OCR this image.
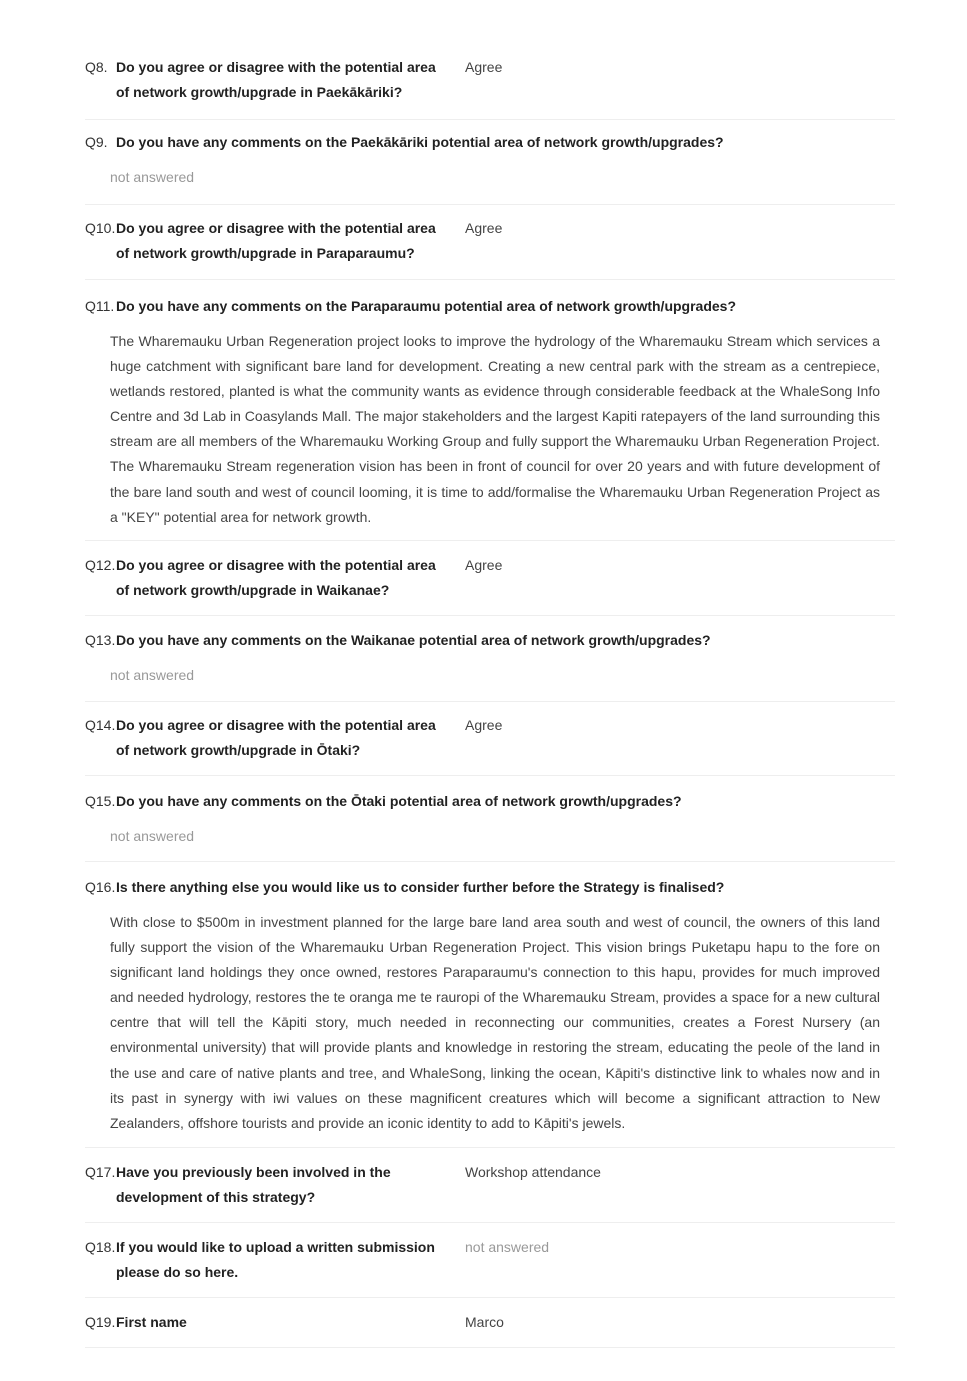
Q8. Do you agree or disagree with the potential area of network growth/upgrade in Paekākāriki?
Agree
Q9. Do you have any comments on the Paekākāriki potential area of network growth/upgrades?
not answered
Q10. Do you agree or disagree with the potential area of network growth/upgrade in Paraparaumu?
Agree
Q11. Do you have any comments on the Paraparaumu potential area of network growth/upgrades?
The Wharemauku Urban Regeneration project looks to improve the hydrology of the Wharemauku Stream which services a huge catchment with significant bare land for development. Creating a new central park with the stream as a centrepiece, wetlands restored, planted is what the community wants as evidence through considerable feedback at the WhaleSong Info Centre and 3d Lab in Coasylands Mall. The major stakeholders and the largest Kapiti ratepayers of the land surrounding this stream are all members of the Wharemauku Working Group and fully support the Wharemauku Urban Regeneration Project. The Wharemauku Stream regeneration vision has been in front of council for over 20 years and with future development of the bare land south and west of council looming, it is time to add/formalise the Wharemauku Urban Regeneration Project as a "KEY" potential area for network growth.
Q12. Do you agree or disagree with the potential area of network growth/upgrade in Waikanae?
Agree
Q13. Do you have any comments on the Waikanae potential area of network growth/upgrades?
not answered
Q14. Do you agree or disagree with the potential area of network growth/upgrade in Ōtaki?
Agree
Q15. Do you have any comments on the Ōtaki potential area of network growth/upgrades?
not answered
Q16. Is there anything else you would like us to consider further before the Strategy is finalised?
With close to $500m in investment planned for the large bare land area south and west of council, the owners of this land fully support the vision of the Wharemauku Urban Regeneration Project. This vision brings Puketapu hapu to the fore on significant land holdings they once owned, restores Paraparaumu's connection to this hapu, provides for much improved and needed hydrology, restores the te oranga me te rauropi of the Wharemauku Stream, provides a space for a new cultural centre that will tell the Kāpiti story, much needed in reconnecting our communities, creates a Forest Nursery (an environmental university) that will provide plants and knowledge in restoring the stream, educating the peole of the land in the use and care of native plants and tree, and WhaleSong, linking the ocean, Kāpiti's distinctive link to whales now and in its past in synergy with iwi values on these magnificent creatures which will become a significant attraction to New Zealanders, offshore tourists and provide an iconic identity to add to Kāpiti's jewels.
Q17. Have you previously been involved in the development of this strategy?
Workshop attendance
Q18. If you would like to upload a written submission please do so here.
not answered
Q19. First name	Marco
